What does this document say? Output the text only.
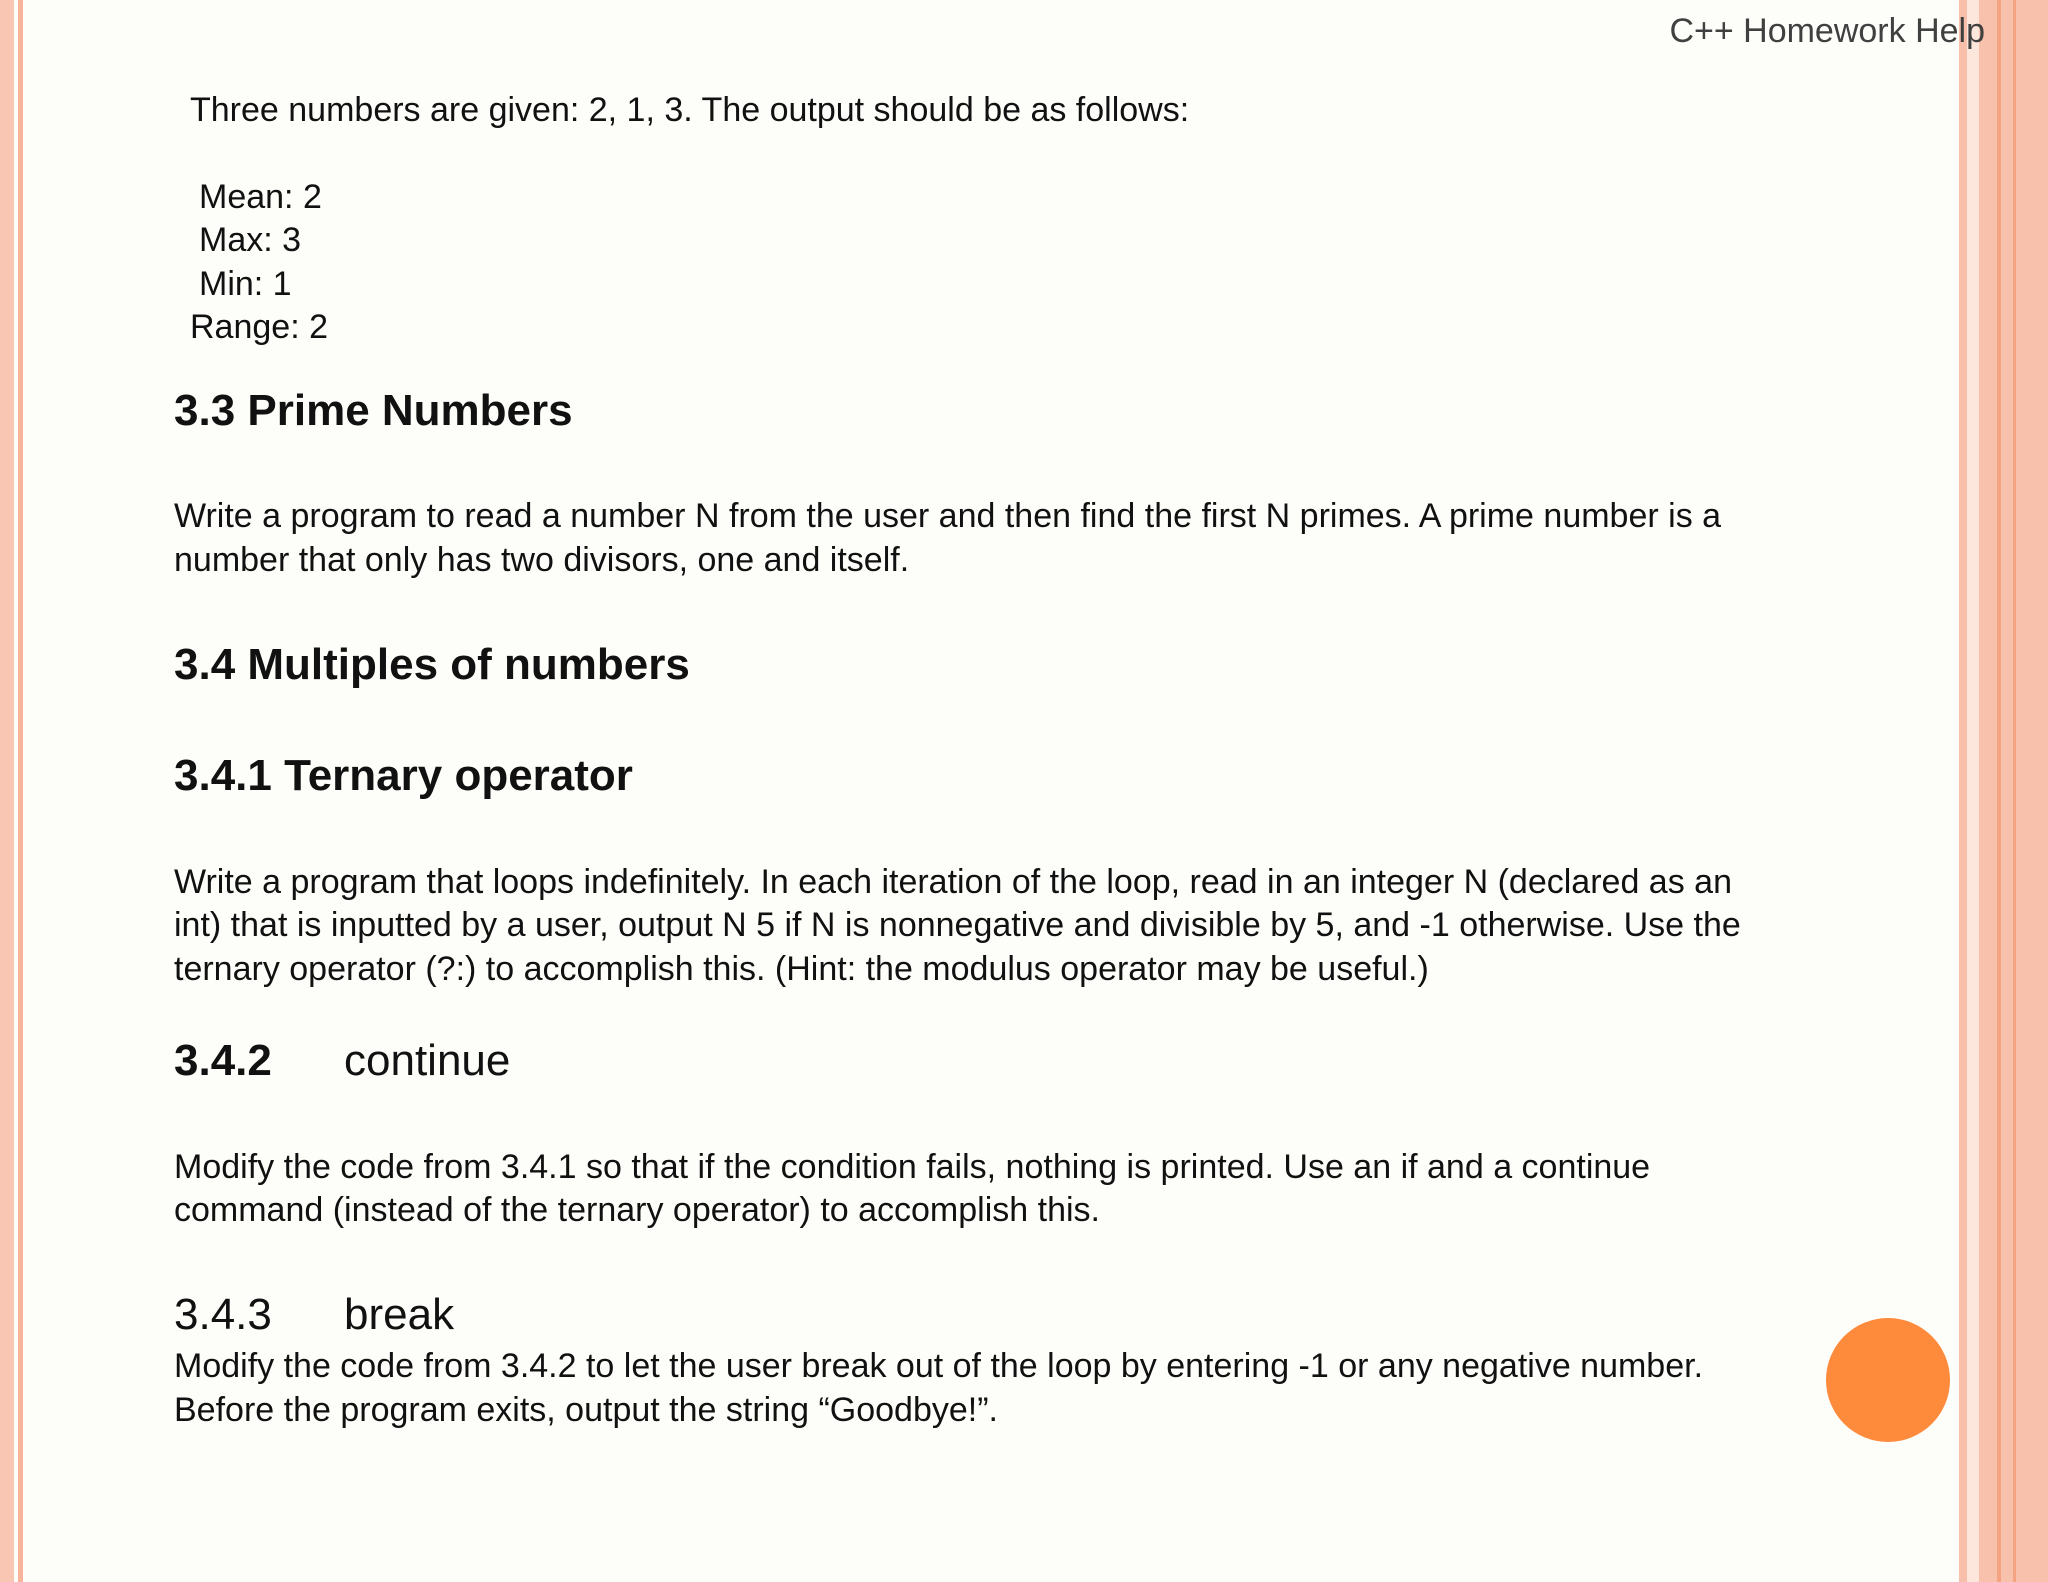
C++ Homework Help
Three numbers are given: 2, 1, 3. The output should be as follows:
Mean: 2
Max: 3
Min: 1
Range: 2
3.3 Prime Numbers
Write a program to read a number N from the user and then find the first N primes. A prime number is a
number that only has two divisors, one and itself.
3.4 Multiples of numbers
3.4.1 Ternary operator
Write a program that loops indefinitely. In each iteration of the loop, read in an integer N (declared as an
int) that is inputted by a user, output N 5 if N is nonnegative and divisible by 5, and -1 otherwise. Use the
ternary operator (?:) to accomplish this. (Hint: the modulus operator may be useful.)
3.4.2 continue
Modify the code from 3.4.1 so that if the condition fails, nothing is printed. Use an if and a continue
command (instead of the ternary operator) to accomplish this.
3.4.3 break
Modify the code from 3.4.2 to let the user break out of the loop by entering -1 or any negative number.
Before the program exits, output the string “Goodbye!”.
